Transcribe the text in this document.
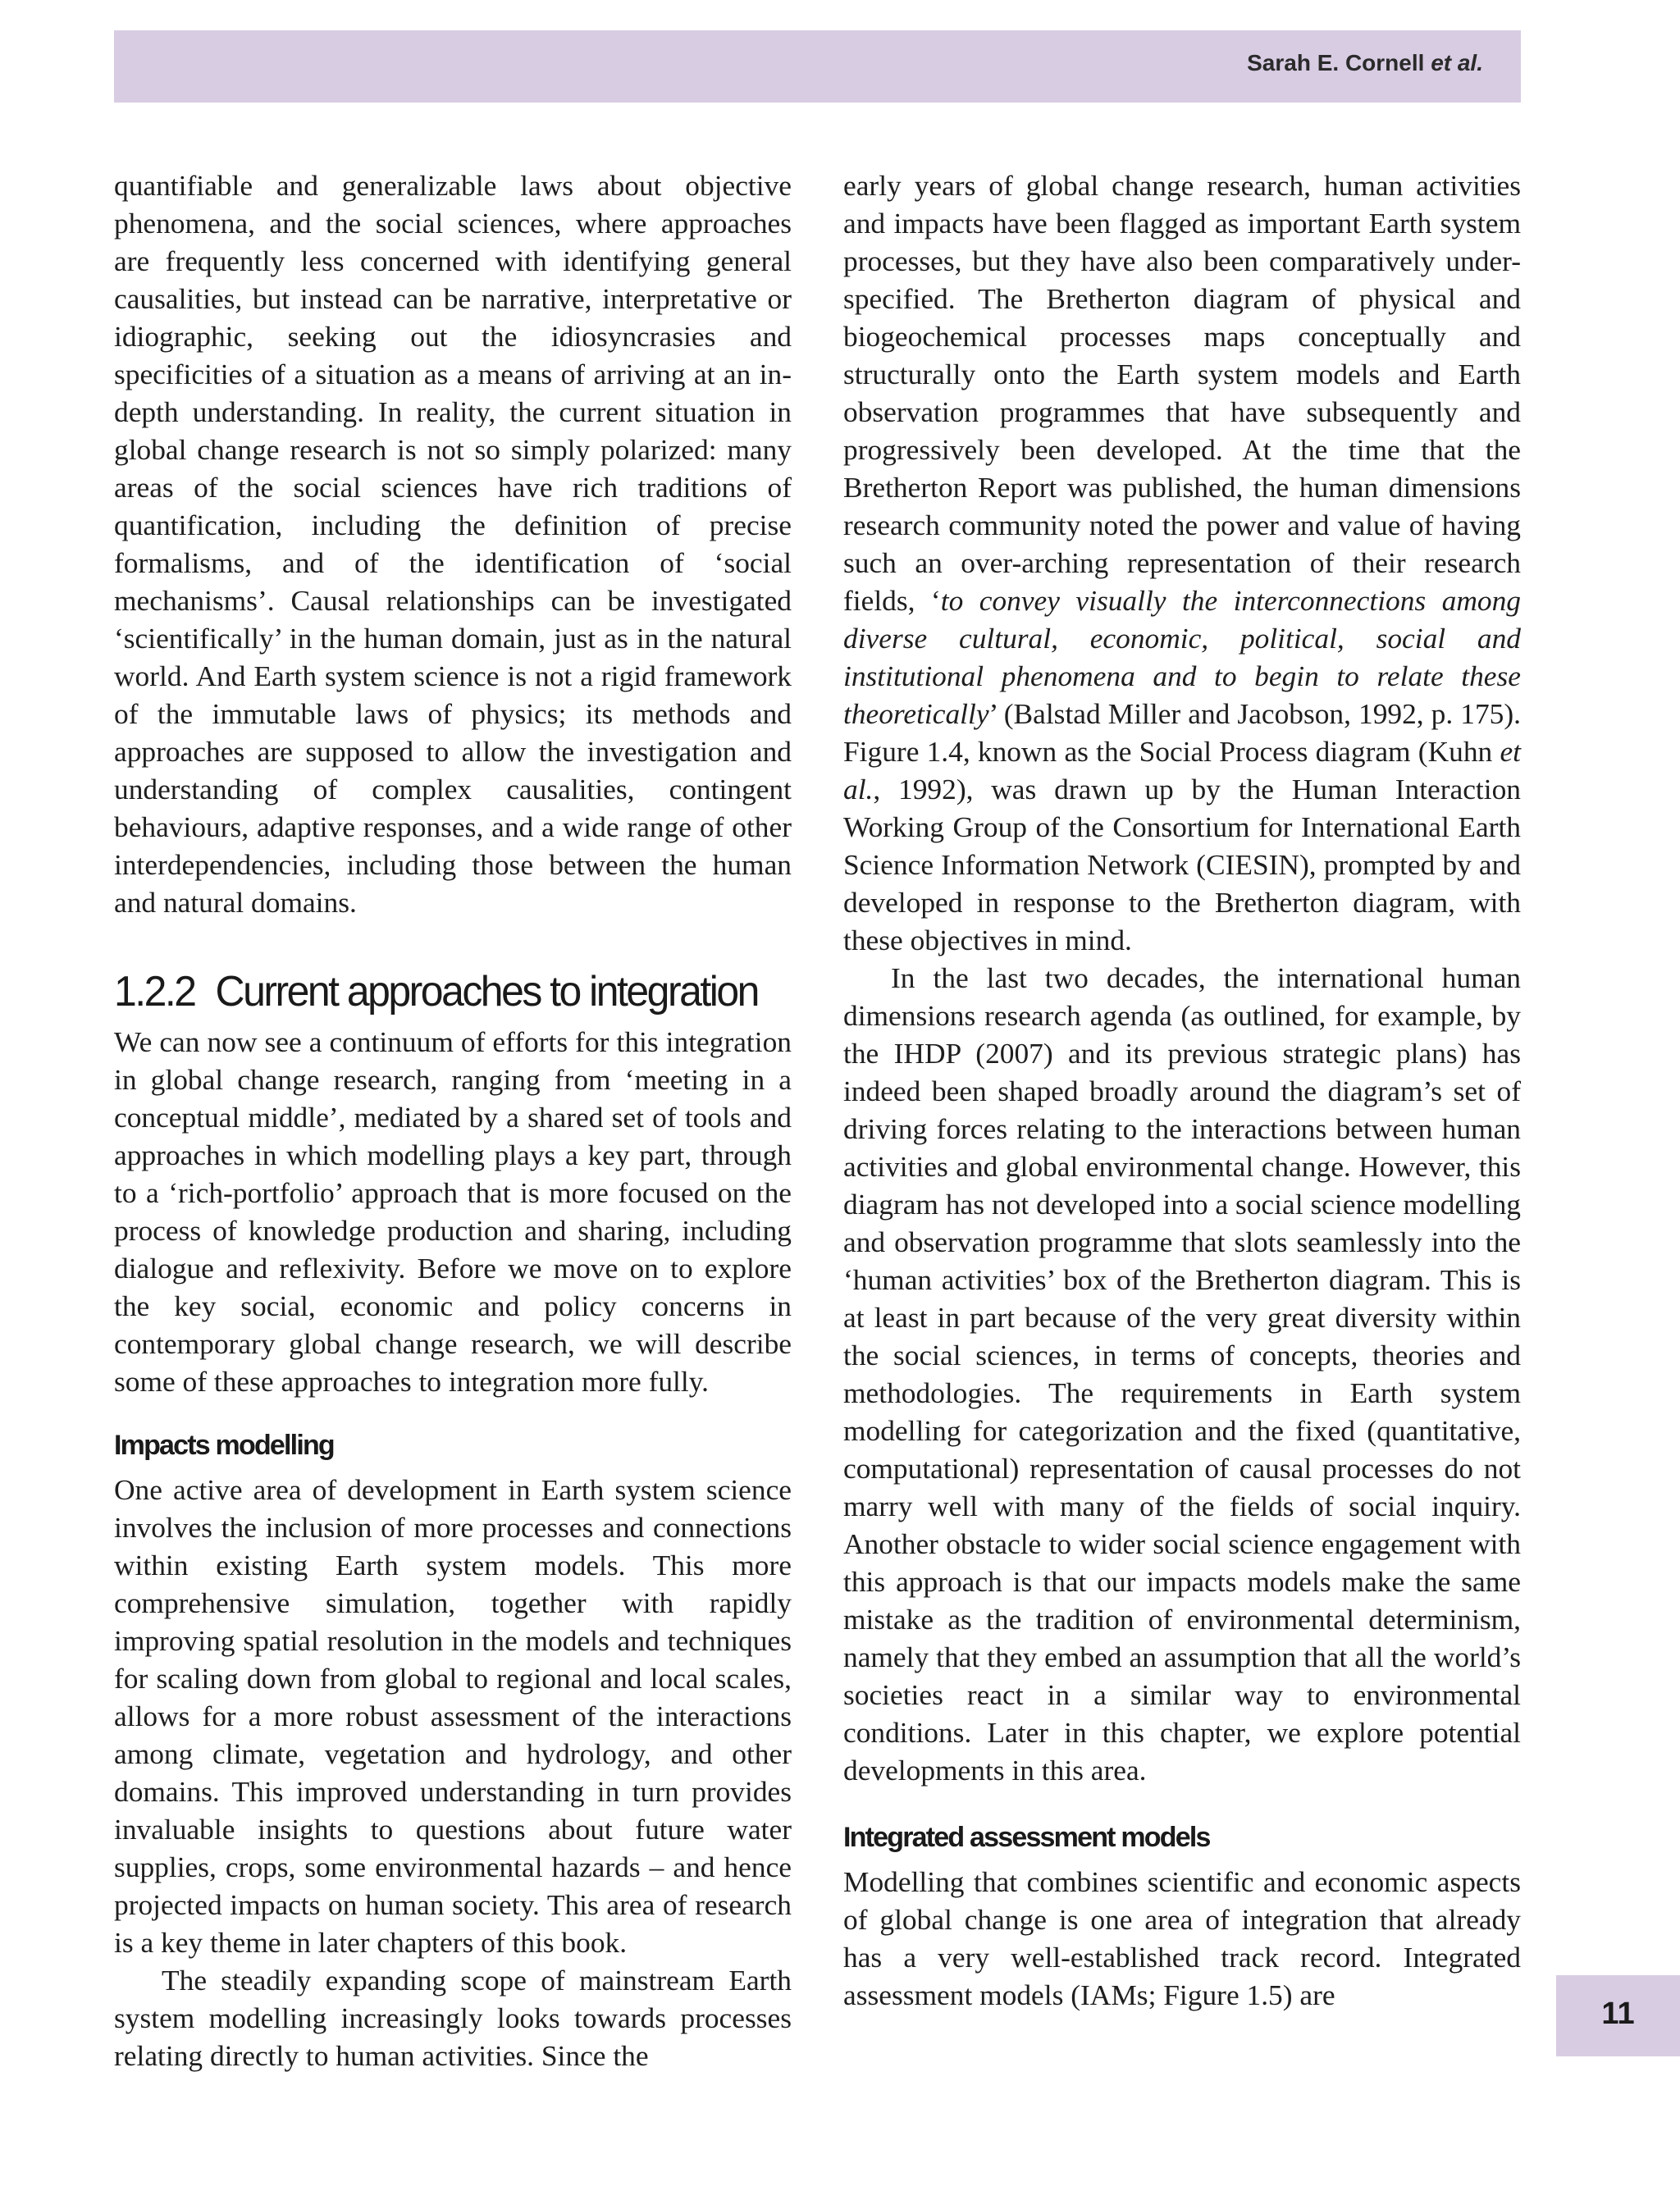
Sarah E. Cornell et al.

quantifiable and generalizable laws about objective phenomena, and the social sciences, where approaches are frequently less concerned with identifying general causalities, but instead can be narrative, interpretative or idiographic, seeking out the idiosyncrasies and specificities of a situation as a means of arriving at an in-depth understanding. In reality, the current situation in global change research is not so simply polarized: many areas of the social sciences have rich traditions of quantification, including the definition of precise formalisms, and of the identification of ‘social mechanisms’. Causal relationships can be investigated ‘scientifically’ in the human domain, just as in the natural world. And Earth system science is not a rigid framework of the immutable laws of physics; its methods and approaches are supposed to allow the investigation and understanding of complex causalities, contingent behaviours, adaptive responses, and a wide range of other interdependencies, including those between the human and natural domains.

1.2.2 Current approaches to integration

We can now see a continuum of efforts for this integration in global change research, ranging from ‘meeting in a conceptual middle’, mediated by a shared set of tools and approaches in which modelling plays a key part, through to a ‘rich-portfolio’ approach that is more focused on the process of knowledge production and sharing, including dialogue and reflexivity. Before we move on to explore the key social, economic and policy concerns in contemporary global change research, we will describe some of these approaches to integration more fully.

Impacts modelling

One active area of development in Earth system science involves the inclusion of more processes and connections within existing Earth system models. This more comprehensive simulation, together with rapidly improving spatial resolution in the models and techniques for scaling down from global to regional and local scales, allows for a more robust assessment of the interactions among climate, vegetation and hydrology, and other domains. This improved understanding in turn provides invaluable insights to questions about future water supplies, crops, some environmental hazards – and hence projected impacts on human society. This area of research is a key theme in later chapters of this book.

The steadily expanding scope of mainstream Earth system modelling increasingly looks towards processes relating directly to human activities. Since the

early years of global change research, human activities and impacts have been flagged as important Earth system processes, but they have also been comparatively under-specified. The Bretherton diagram of physical and biogeochemical processes maps conceptually and structurally onto the Earth system models and Earth observation programmes that have subsequently and progressively been developed. At the time that the Bretherton Report was published, the human dimensions research community noted the power and value of having such an over-arching representation of their research fields, ‘to convey visually the interconnections among diverse cultural, economic, political, social and institutional phenomena and to begin to relate these theoretically’ (Balstad Miller and Jacobson, 1992, p. 175). Figure 1.4, known as the Social Process diagram (Kuhn et al., 1992), was drawn up by the Human Interaction Working Group of the Consortium for International Earth Science Information Network (CIESIN), prompted by and developed in response to the Bretherton diagram, with these objectives in mind.

In the last two decades, the international human dimensions research agenda (as outlined, for example, by the IHDP (2007) and its previous strategic plans) has indeed been shaped broadly around the diagram’s set of driving forces relating to the interactions between human activities and global environmental change. However, this diagram has not developed into a social science modelling and observation programme that slots seamlessly into the ‘human activities’ box of the Bretherton diagram. This is at least in part because of the very great diversity within the social sciences, in terms of concepts, theories and methodologies. The requirements in Earth system modelling for categorization and the fixed (quantitative, computational) representation of causal processes do not marry well with many of the fields of social inquiry. Another obstacle to wider social science engagement with this approach is that our impacts models make the same mistake as the tradition of environmental determinism, namely that they embed an assumption that all the world’s societies react in a similar way to environmental conditions. Later in this chapter, we explore potential developments in this area.

Integrated assessment models

Modelling that combines scientific and economic aspects of global change is one area of integration that already has a very well-established track record. Integrated assessment models (IAMs; Figure 1.5) are

11
